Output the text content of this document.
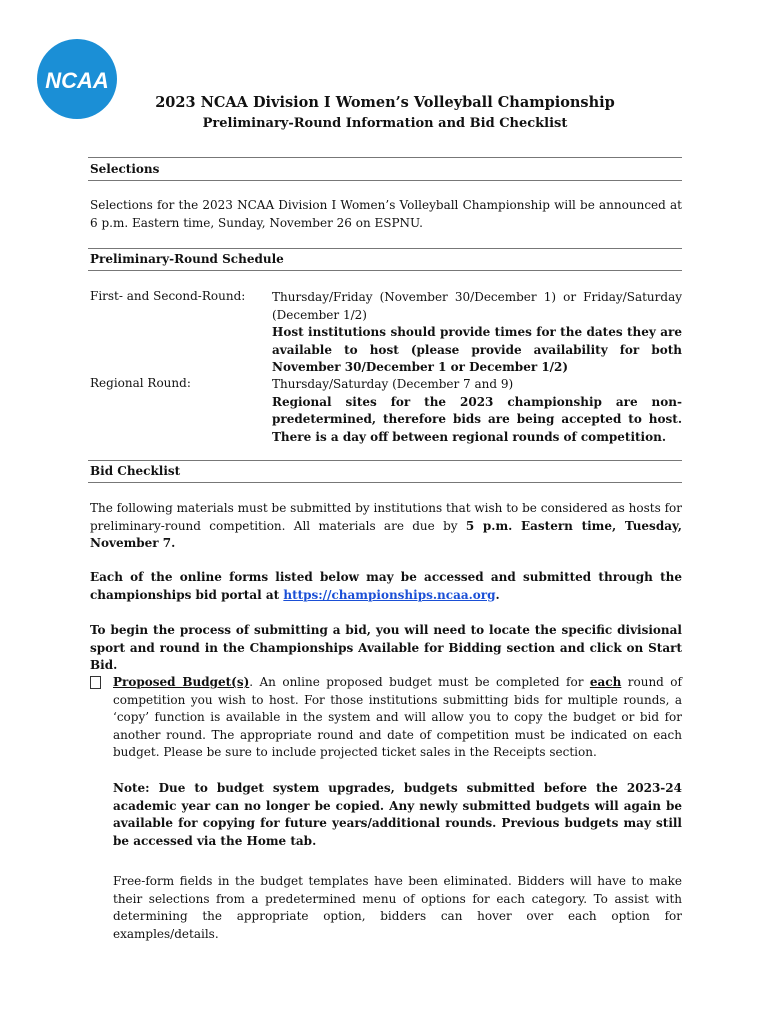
NCAA
2023 NCAA Division I Women’s Volleyball Championship
Preliminary-Round Information and Bid Checklist
Selections

Selections for the 2023 NCAA Division I Women’s Volleyball Championship will be announced at 6 p.m. Eastern time, Sunday, November 26 on ESPNU.

Preliminary-Round Schedule
First- and Second-Round: Thursday/Friday (November 30/December 1) or Friday/Saturday (December 1/2)
Host institutions should provide times for the dates they are available to host (please provide availability for both November 30/December 1 or December 1/2)
Regional Round:	Thursday/Saturday (December 7 and 9)
Regional sites for the 2023 championship are non-predetermined, therefore bids are being accepted to host. There is a day off between regional rounds of competition.
Bid Checklist

The following materials must be submitted by institutions that wish to be considered as hosts for preliminary-round competition. All materials are due by 5 p.m. Eastern time, Tuesday, November 7.

Each of the online forms listed below may be accessed and submitted through the championships bid portal at https://championships.ncaa.org.

To begin the process of submitting a bid, you will need to locate the specific divisional sport and round in the Championships Available for Bidding section and click on Start Bid.

Proposed Budget(s). An online proposed budget must be completed for each round of competition you wish to host. For those institutions submitting bids for multiple rounds, a ‘copy’ function is available in the system and will allow you to copy the budget or bid for another round. The appropriate round and date of competition must be indicated on each budget. Please be sure to include projected ticket sales in the Receipts section.

Note: Due to budget system upgrades, budgets submitted before the 2023-24 academic year can no longer be copied. Any newly submitted budgets will again be available for copying for future years/additional rounds. Previous budgets may still be accessed via the Home tab.

Free-form fields in the budget templates have been eliminated. Bidders will have to make their selections from a predetermined menu of options for each category. To assist with determining the appropriate option, bidders can hover over each option for examples/details.
